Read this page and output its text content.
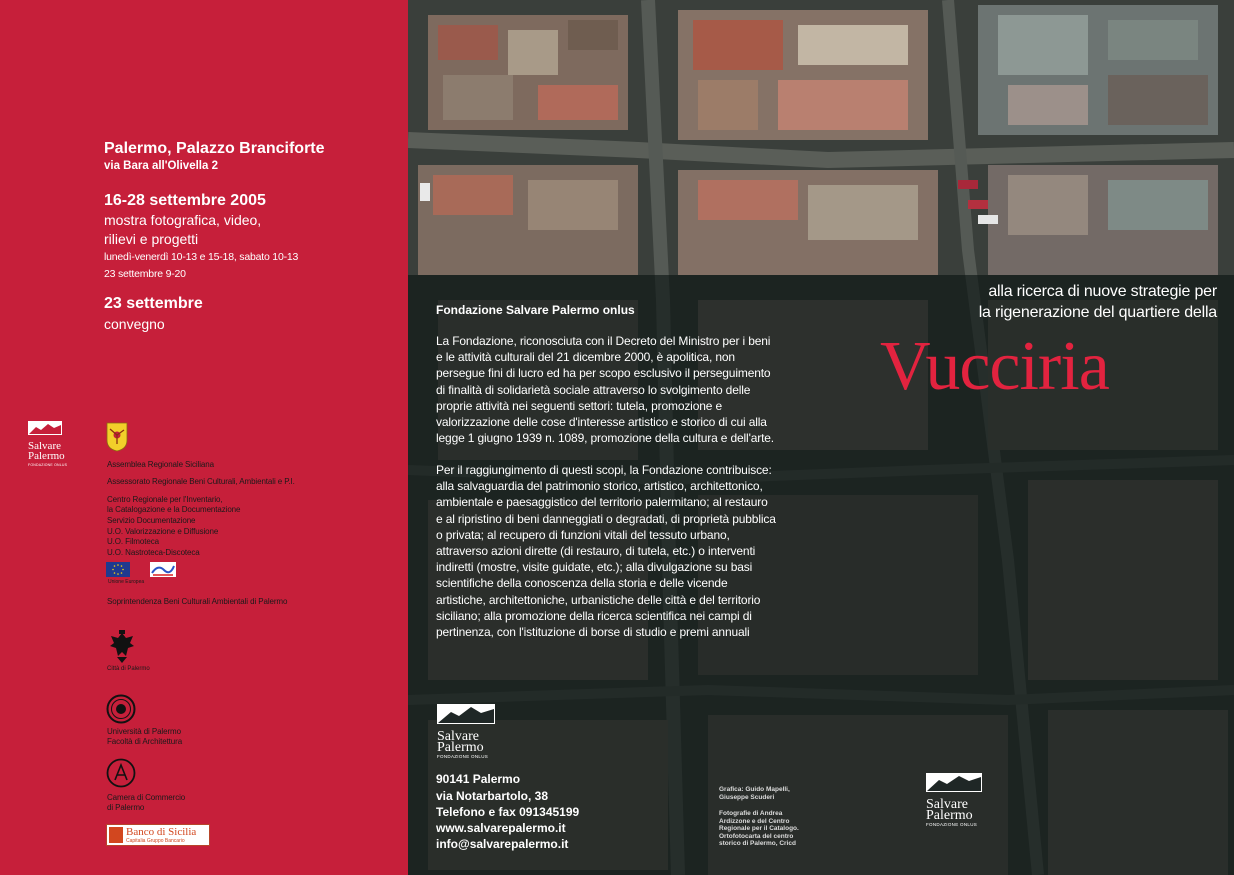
Palermo, Palazzo Branciforte
via Bara all'Olivella 2
16-28 settembre 2005
mostra fotografica, video,
rilievi e progetti
lunedì-venerdì 10-13 e 15-18, sabato 10-13
23 settembre 9-20
23 settembre
convegno
Salvare
Palermo
FONDAZIONE ONLUS	Assemblea Regionale Siciliana
Assessorato Regionale Beni Culturali, Ambientali e P.I.
Centro Regionale per l'Inventario,
la Catalogazione e la Documentazione
Servizio Documentazione
U.O. Valorizzazione e Diffusione
U.O. Filmoteca
U.O. Nastroteca-Discoteca
Unione Europea
Soprintendenza Beni Culturali Ambientali di Palermo
Città di Palermo
Università di Palermo
Facoltà di Architettura
Camera di Commercio
di Palermo
Banco di Sicilia
Capitalia Gruppo Bancario
alla ricerca di nuove strategie per
la rigenerazione del quartiere della
Vucciria
Fondazione Salvare Palermo onlus
La Fondazione, riconosciuta con il Decreto del Ministro per i beni
e le attività culturali del 21 dicembre 2000, è apolitica, non
persegue fini di lucro ed ha per scopo esclusivo il perseguimento
di finalità di solidarietà sociale attraverso lo svolgimento delle
proprie attività nei seguenti settori: tutela, promozione e
valorizzazione delle cose d'interesse artistico e storico di cui alla
legge 1 giugno 1939 n. 1089, promozione della cultura e dell'arte.
Per il raggiungimento di questi scopi, la Fondazione contribuisce:
alla salvaguardia del patrimonio storico, artistico, architettonico,
ambientale e paesaggistico del territorio palermitano; al restauro
e al ripristino di beni danneggiati o degradati, di proprietà pubblica
o privata; al recupero di funzioni vitali del tessuto urbano,
attraverso azioni dirette (di restauro, di tutela, etc.) o interventi
indiretti (mostre, visite guidate, etc.); alla divulgazione su basi
scientifiche della conoscenza della storia e delle vicende
artistiche, architettoniche, urbanistiche delle città e del territorio
siciliano; alla promozione della ricerca scientifica nei campi di
pertinenza, con l'istituzione di borse di studio e premi annuali
Salvare
Palermo
FONDAZIONE ONLUS
90141 Palermo
via Notarbartolo, 38
Telefono e fax 091345199
www.salvarepalermo.it
info@salvarepalermo.it
Grafica: Guido Mapelli,
Giuseppe Scuderi
Fotografie di Andrea
Ardizzone e del Centro
Regionale per il Catalogo.
Ortofotocarta del centro
storico di Palermo, Cricd
Salvare
Palermo
FONDAZIONE ONLUS
